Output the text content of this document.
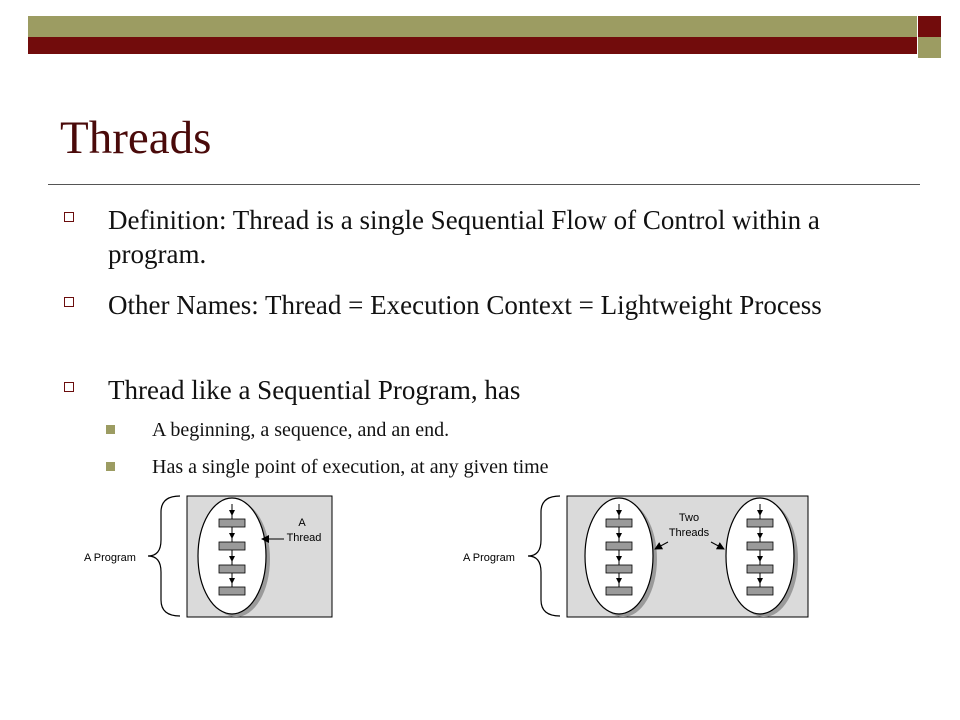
Threads
Definition: Thread is a single Sequential Flow of Control within a program.
Other Names: Thread = Execution Context = Lightweight Process
Thread like a Sequential Program, has
A beginning, a sequence, and an end.
Has a single point of execution, at any given time
A Program
A
Thread
A Program
Two
Threads
